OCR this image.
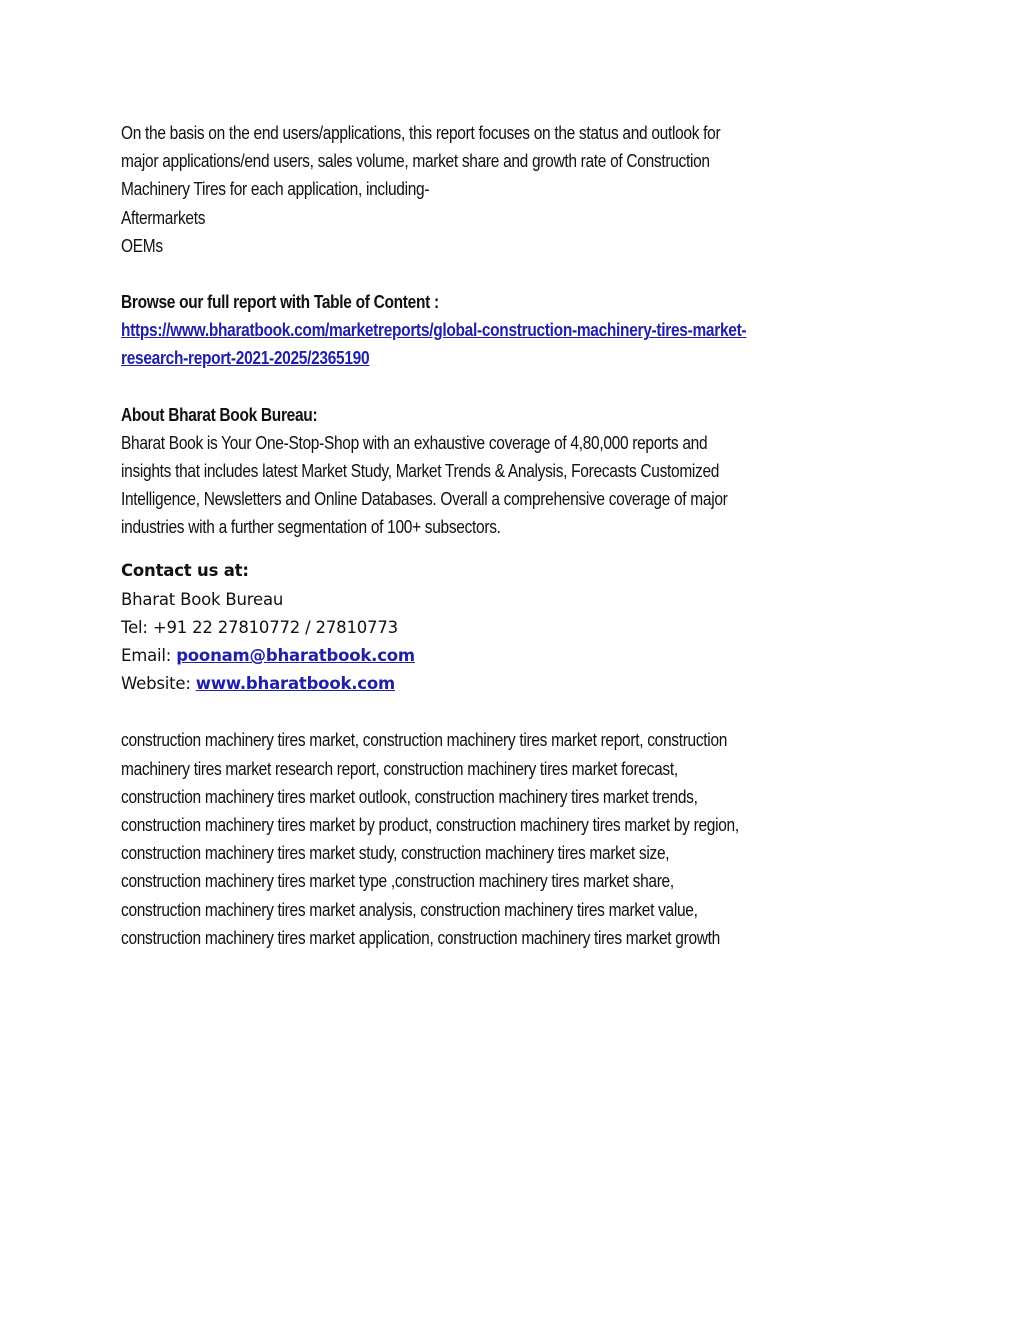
On the basis on the end users/applications, this report focuses on the status and outlook for
major applications/end users, sales volume, market share and growth rate of Construction
Machinery Tires for each application, including-
Aftermarkets
OEMs
Browse our full report with Table of Content :
https://www.bharatbook.com/marketreports/global-construction-machinery-tires-market-
research-report-2021-2025/2365190
About Bharat Book Bureau:
Bharat Book is Your One-Stop-Shop with an exhaustive coverage of 4,80,000 reports and
insights that includes latest Market Study, Market Trends & Analysis, Forecasts Customized
Intelligence, Newsletters and Online Databases. Overall a comprehensive coverage of major
industries with a further segmentation of 100+ subsectors.
Contact us at:
Bharat Book Bureau
Tel: +91 22 27810772 / 27810773
Email: poonam@bharatbook.com
Website: www.bharatbook.com
construction machinery tires market, construction machinery tires market report, construction
machinery tires market research report, construction machinery tires market forecast,
construction machinery tires market outlook, construction machinery tires market trends,
construction machinery tires market by product, construction machinery tires market by region,
construction machinery tires market study, construction machinery tires market size,
construction machinery tires market type ,construction machinery tires market share,
construction machinery tires market analysis, construction machinery tires market value,
construction machinery tires market application, construction machinery tires market growth
